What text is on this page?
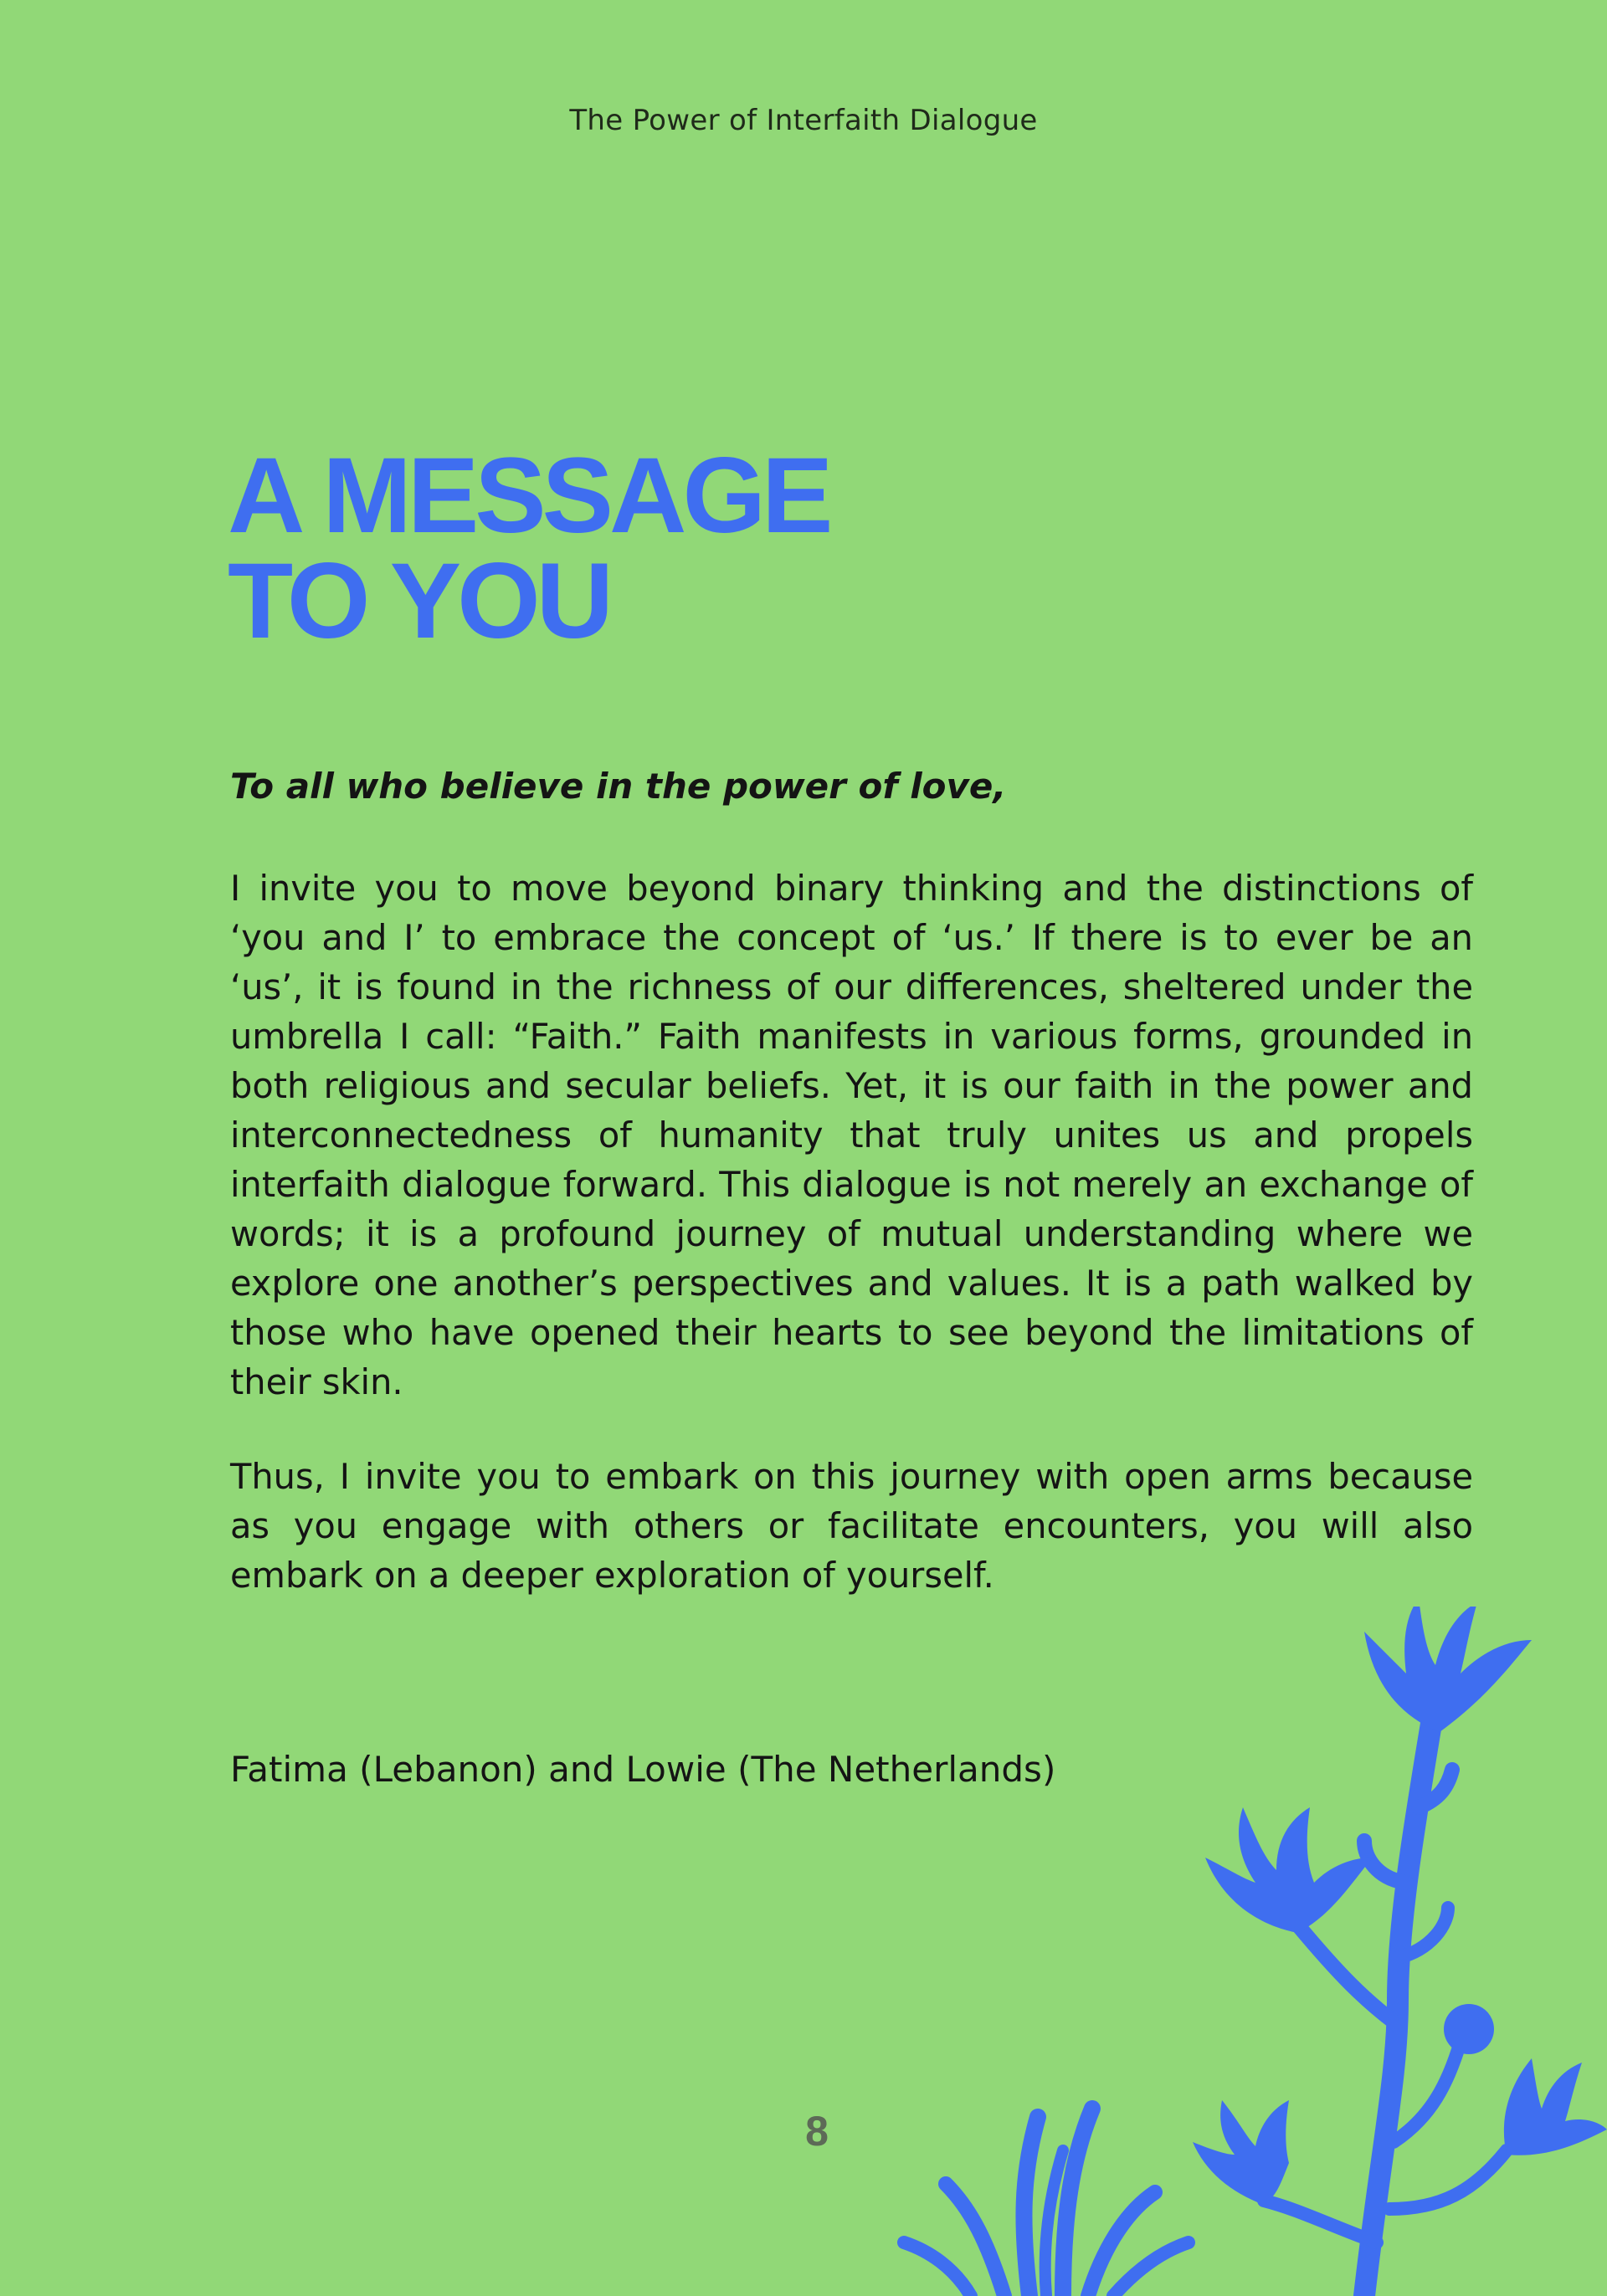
The Power of Interfaith Dialogue
A MESSAGE
TO YOU
To all who believe in the power of love,

I invite you to move beyond binary thinking and the distinctions of ‘you and I’ to embrace the concept of ‘us.’ If there is to ever be an ‘us’, it is found in the richness of our differences, sheltered under the umbrella I call: “Faith.” Faith manifests in various forms, grounded in both religious and secular beliefs. Yet, it is our faith in the power and interconnectedness of humanity that truly unites us and propels interfaith dialogue forward. This dialogue is not merely an exchange of words; it is a profound journey of mutual understanding where we explore one another’s perspectives and values. It is a path walked by those who have opened their hearts to see beyond the limitations of their skin.

Thus, I invite you to embark on this journey with open arms because as you engage with others or facilitate encounters, you will also embark on a deeper exploration of yourself.

Fatima (Lebanon) and Lowie (The Netherlands)
8
